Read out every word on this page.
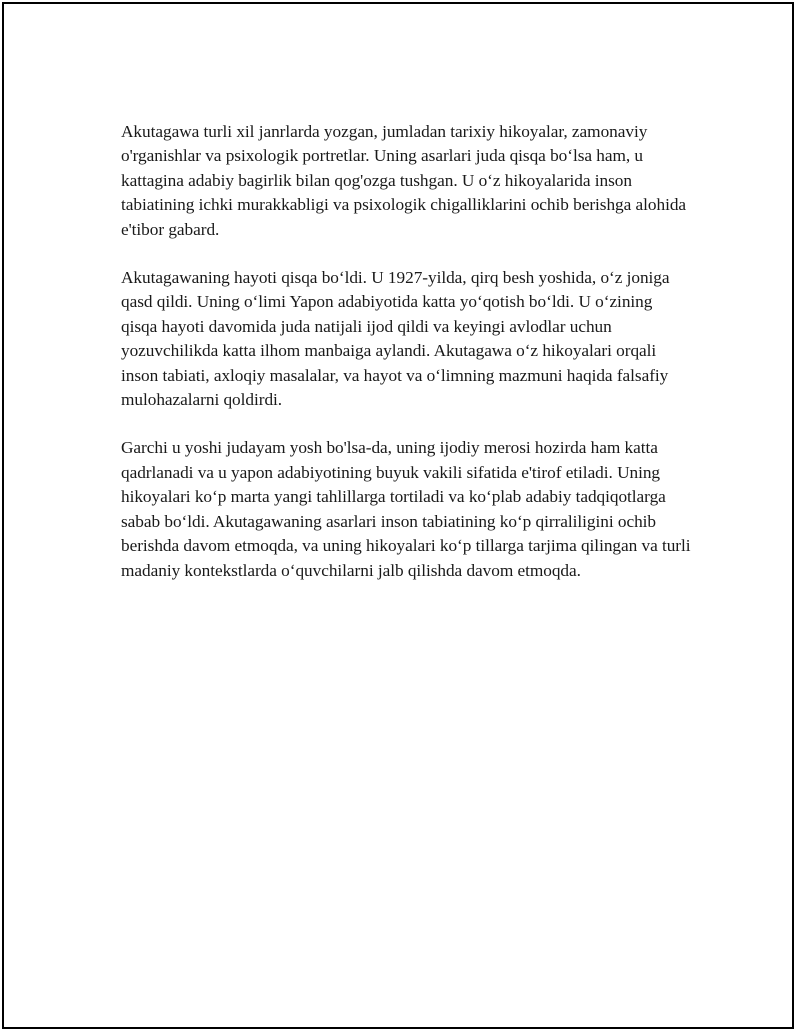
Akutagawa turli xil janrlarda yozgan, jumladan tarixiy hikoyalar, zamonaviy o'rganishlar va psixologik portretlar. Uning asarlari juda qisqa bo‘lsa ham, u kattagina adabiy bagirlik bilan qog'ozga tushgan. U o‘z hikoyalarida inson tabiatining ichki murakkabligi va psixologik chigalliklarini ochib berishga alohida e'tibor gabard.

Akutagawaning hayoti qisqa bo‘ldi. U 1927-yilda, qirq besh yoshida, o‘z joniga qasd qildi. Uning o‘limi Yapon adabiyotida katta yo‘qotish bo‘ldi. U o‘zining qisqa hayoti davomida juda natijali ijod qildi va keyingi avlodlar uchun yozuvchilikda katta ilhom manbaiga aylandi. Akutagawa o‘z hikoyalari orqali inson tabiati, axloqiy masalalar, va hayot va o‘limning mazmuni haqida falsafiy mulohazalarni qoldirdi.

Garchi u yoshi judayam yosh bo'lsa-da, uning ijodiy merosi hozirda ham katta qadrlanadi va u yapon adabiyotining buyuk vakili sifatida e'tirof etiladi. Uning hikoyalari ko‘p marta yangi tahlillarga tortiladi va ko‘plab adabiy tadqiqotlarga sabab bo‘ldi. Akutagawaning asarlari inson tabiatining ko‘p qirraliligini ochib berishda davom etmoqda, va uning hikoyalari ko‘p tillarga tarjima qilingan va turli madaniy kontekstlarda o‘quvchilarni jalb qilishda davom etmoqda.
